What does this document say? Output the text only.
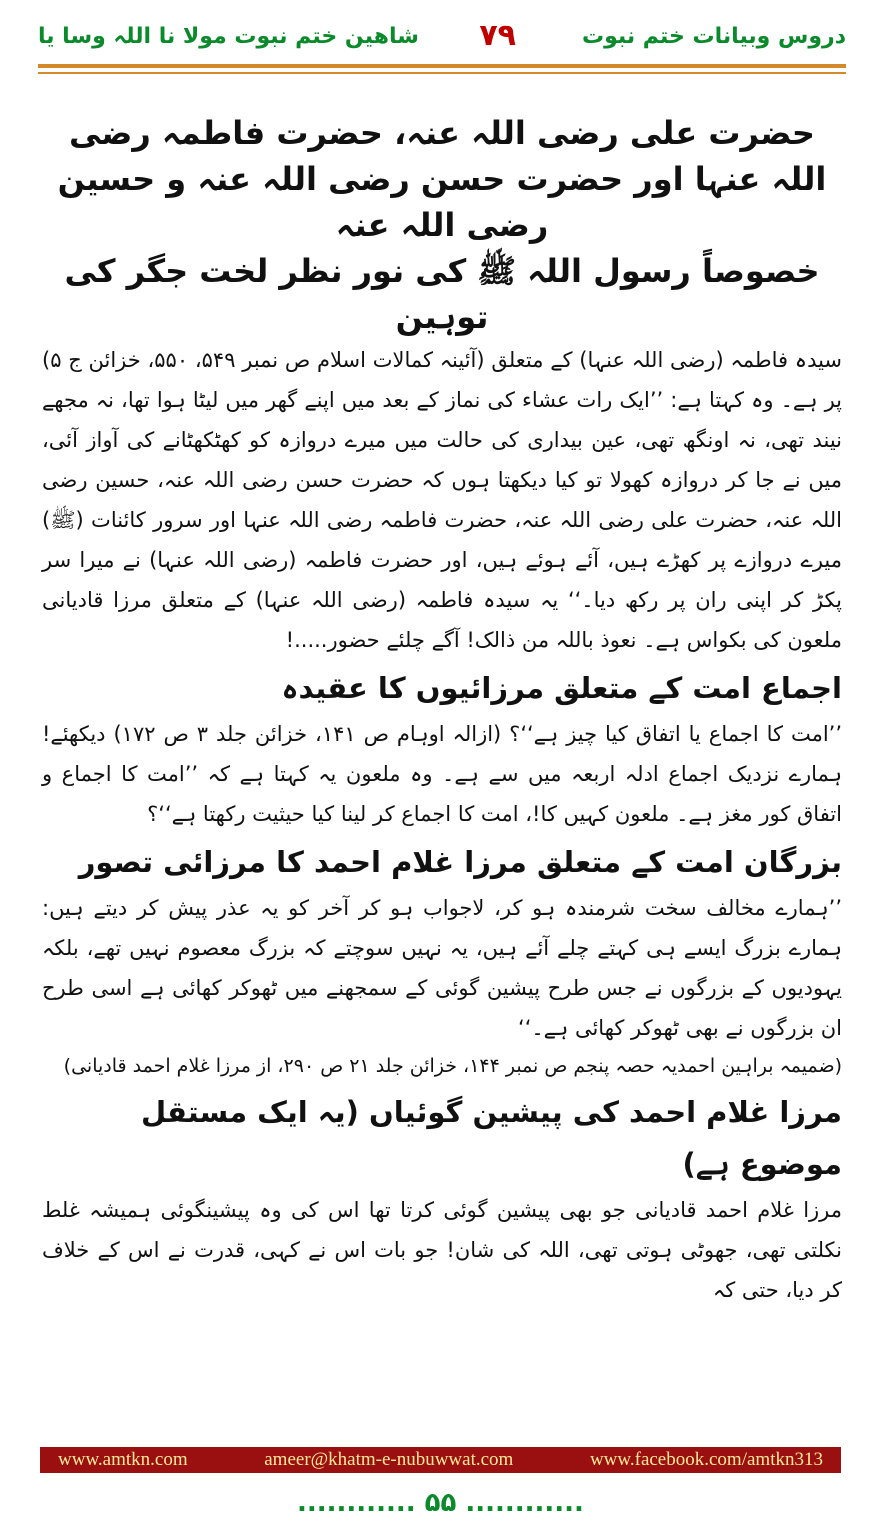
دروس وبیانات ختم نبوت
۷۹
شاھین ختم نبوت مولا نا اللہ وسا یا

حضرت علی رضی اللہ عنہ، حضرت فاطمہ رضی اللہ عنہا اور حضرت حسن رضی اللہ عنہ و حسین رضی اللہ عنہ

خصوصاً رسول اللہ ﷺ کی نور نظر لخت جگر کی توہین

سیدہ فاطمہ (رضی اللہ عنہا) کے متعلق (آئینہ کمالات اسلام ص نمبر ۵۴۹، ۵۵۰، خزائن ج ۵) پر ہے۔ وہ کہتا ہے: ’’ایک رات عشاء کی نماز کے بعد میں اپنے گھر میں لیٹا ہوا تھا، نہ مجھے نیند تھی، نہ اونگھ تھی، عین بیداری کی حالت میں میرے دروازہ کو کھٹکھٹانے کی آواز آئی، میں نے جا کر دروازہ کھولا تو کیا دیکھتا ہوں کہ حضرت حسن رضی اللہ عنہ، حسین رضی اللہ عنہ، حضرت علی رضی اللہ عنہ، حضرت فاطمہ رضی اللہ عنہا اور سرور کائنات (ﷺ) میرے دروازے پر کھڑے ہیں، آئے ہوئے ہیں، اور حضرت فاطمہ (رضی اللہ عنہا) نے میرا سر پکڑ کر اپنی ران پر رکھ دیا۔‘‘ یہ سیدہ فاطمہ (رضی اللہ عنہا) کے متعلق مرزا قادیانی ملعون کی بکواس ہے۔ نعوذ باللہ من ذالک! آگے چلئے حضور.....!

اجماع امت کے متعلق مرزائیوں کا عقیدہ

’’امت کا اجماع یا اتفاق کیا چیز ہے‘‘؟ (ازالہ اوہام ص ۱۴۱، خزائن جلد ۳ ص ۱۷۲) دیکھئے! ہمارے نزدیک اجماع ادلہ اربعہ میں سے ہے۔ وہ ملعون یہ کہتا ہے کہ ’’امت کا اجماع و اتفاق کور مغز ہے۔ ملعون کہیں کا!، امت کا اجماع کر لینا کیا حیثیت رکھتا ہے‘‘؟

بزرگان امت کے متعلق مرزا غلام احمد کا مرزائی تصور

’’ہمارے مخالف سخت شرمندہ ہو کر، لاجواب ہو کر آخر کو یہ عذر پیش کر دیتے ہیں: ہمارے بزرگ ایسے ہی کہتے چلے آئے ہیں، یہ نہیں سوچتے کہ بزرگ معصوم نہیں تھے، بلکہ یہودیوں کے بزرگوں نے جس طرح پیشین گوئی کے سمجھنے میں ٹھوکر کھائی ہے اسی طرح ان بزرگوں نے بھی ٹھوکر کھائی ہے۔‘‘

(ضمیمہ براہین احمدیہ حصہ پنجم ص نمبر ۱۴۴، خزائن جلد ۲۱ ص ۲۹۰، از مرزا غلام احمد قادیانی)

مرزا غلام احمد کی پیشین گوئیاں (یہ ایک مستقل موضوع ہے)

مرزا غلام احمد قادیانی جو بھی پیشین گوئی کرتا تھا اس کی وہ پیشینگوئی ہمیشہ غلط نکلتی تھی، جھوٹی ہوتی تھی، اللہ کی شان! جو بات اس نے کہی، قدرت نے اس کے خلاف کر دیا، حتی کہ

www.amtkn.com	ameer@khatm-e-nubuwwat.com	www.facebook.com/amtkn313
............ ۵۵ ............
